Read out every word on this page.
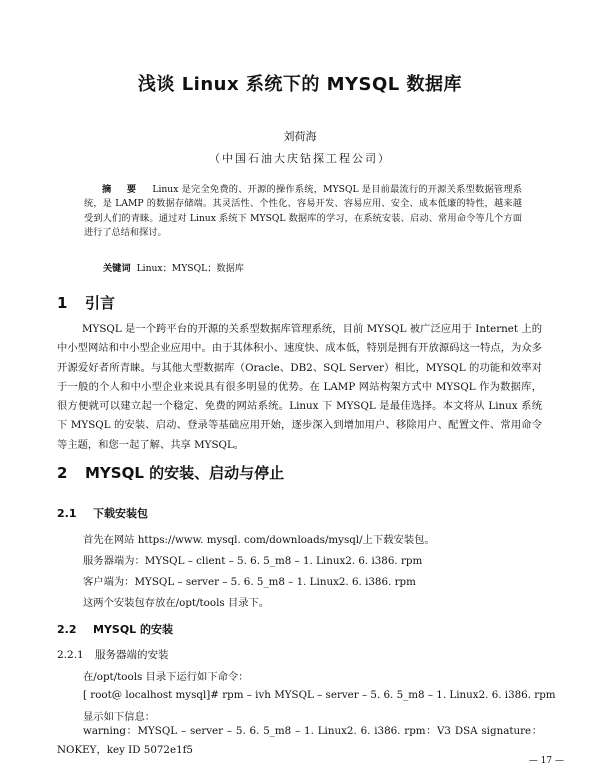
浅谈 Linux 系统下的 MYSQL 数据库
刘荷海
（中国石油大庆钻探工程公司）
摘 要 Linux 是完全免费的、开源的操作系统，MYSQL 是目前最流行的开源关系型数据管理系统，是 LAMP 的数据存储端。其灵活性、个性化、容易开发、容易应用、安全、成本低廉的特性，越来越受到人们的青睐。通过对 Linux 系统下 MYSQL 数据库的学习，在系统安装、启动、常用命令等几个方面进行了总结和探讨。
关键词 Linux；MYSQL；数据库
1 引言
MYSQL 是一个跨平台的开源的关系型数据库管理系统，目前 MYSQL 被广泛应用于 Internet 上的中小型网站和中小型企业应用中。由于其体积小、速度快、成本低，特别是拥有开放源码这一特点，为众多开源爱好者所青睐。与其他大型数据库（Oracle、DB2、SQL Server）相比，MYSQL 的功能和效率对于一般的个人和中小型企业来说具有很多明显的优势。在 LAMP 网站构架方式中 MYSQL 作为数据库，很方便就可以建立起一个稳定、免费的网站系统。Linux 下 MYSQL 是最佳选择。本文将从 Linux 系统下 MYSQL 的安装、启动、登录等基础应用开始，逐步深入到增加用户、移除用户、配置文件、常用命令等主题，和您一起了解、共享 MYSQL。
2 MYSQL 的安装、启动与停止
2.1 下载安装包
首先在网站 https://www. mysql. com/downloads/mysql/上下载安装包。
服务器端为：MYSQL – client – 5. 6. 5_m8 – 1. Linux2. 6. i386. rpm
客户端为：MYSQL – server – 5. 6. 5_m8 – 1. Linux2. 6. i386. rpm
这两个安装包存放在/opt/tools 目录下。
2.2 MYSQL 的安装
2.2.1 服务器端的安装
在/opt/tools 目录下运行如下命令：
[ root@ localhost mysql]# rpm – ivh MYSQL – server – 5. 6. 5_m8 – 1. Linux2. 6. i386. rpm
显示如下信息：
warning：MYSQL – server – 5. 6. 5_m8 – 1. Linux2. 6. i386. rpm：V3 DSA signature：NOKEY，key ID 5072e1f5
— 17 —
